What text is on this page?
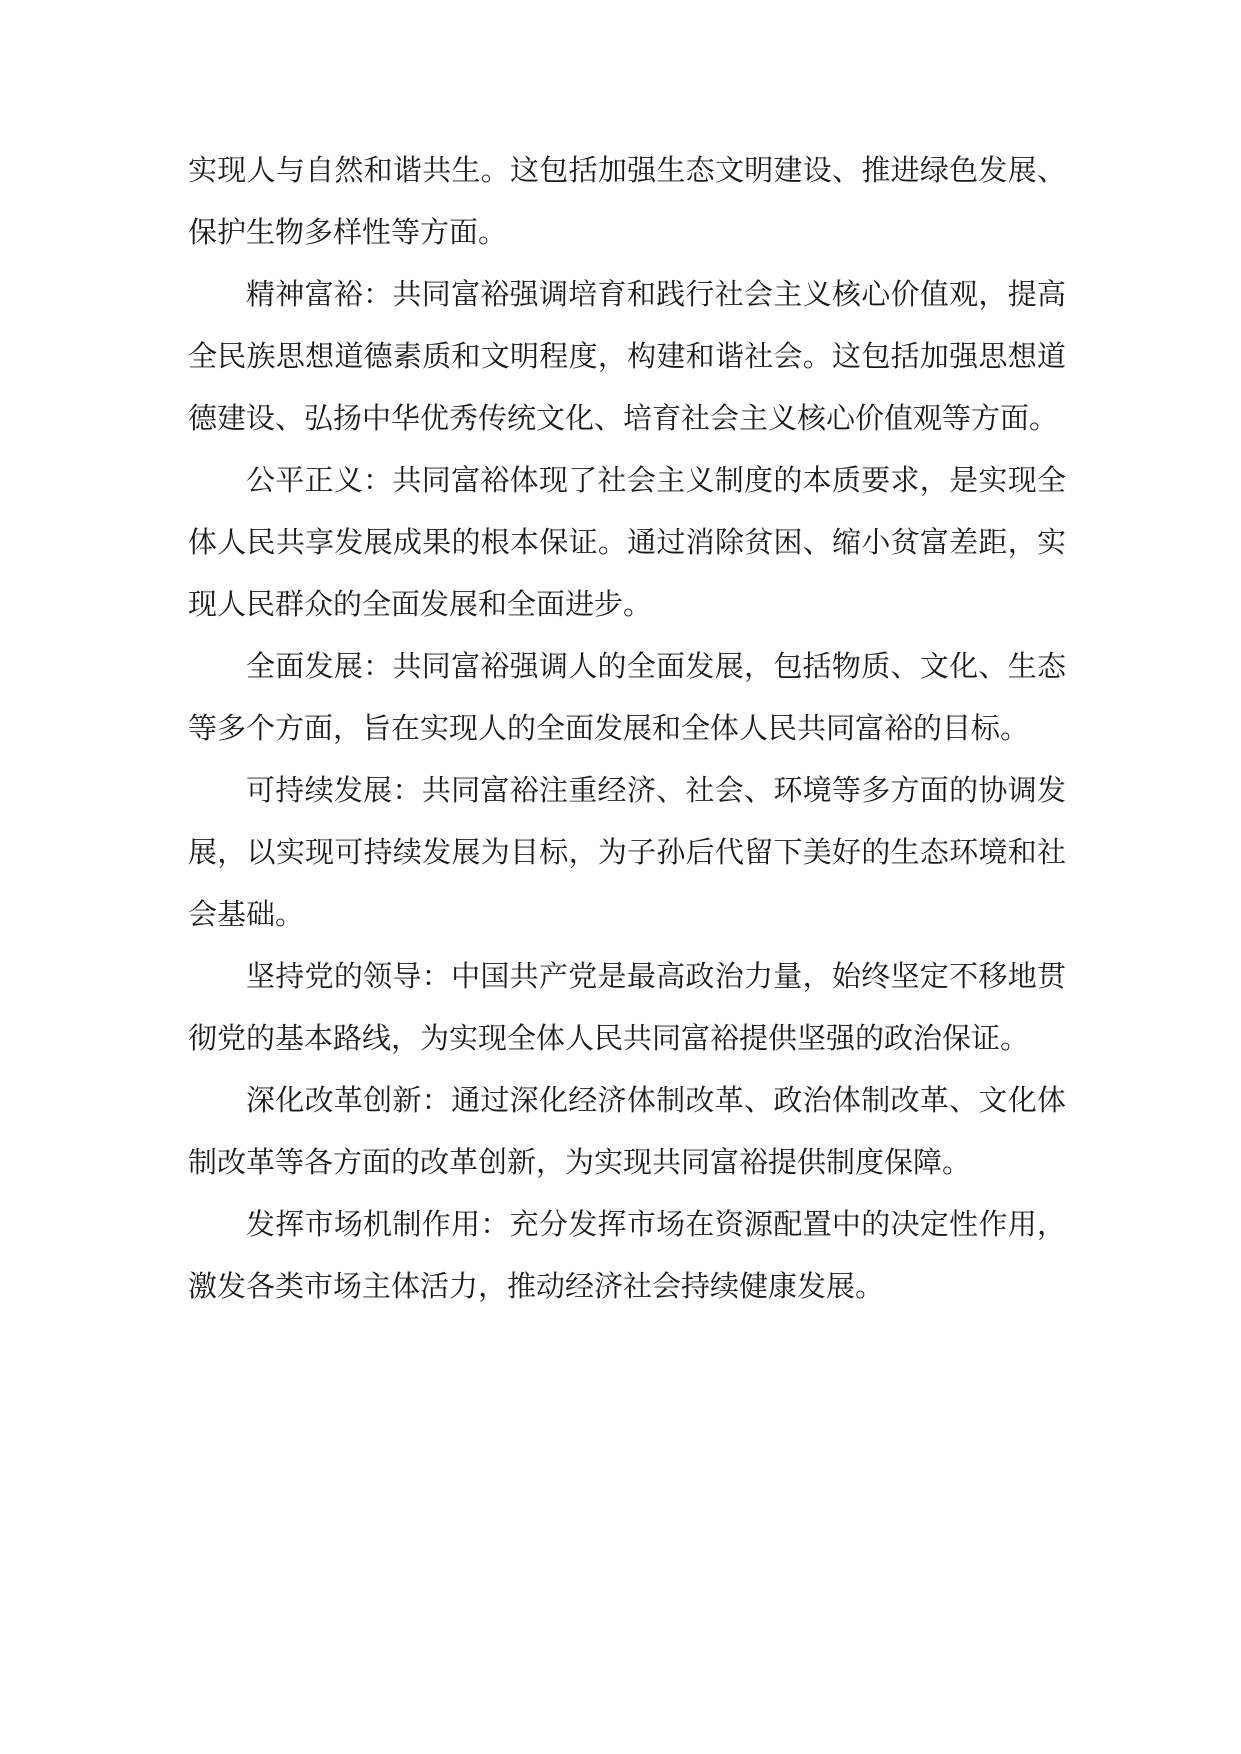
实现人与自然和谐共生。这包括加强生态文明建设、推进绿色发展、保护生物多样性等方面。

精神富裕：共同富裕强调培育和践行社会主义核心价值观，提高全民族思想道德素质和文明程度，构建和谐社会。这包括加强思想道德建设、弘扬中华优秀传统文化、培育社会主义核心价值观等方面。

公平正义：共同富裕体现了社会主义制度的本质要求，是实现全体人民共享发展成果的根本保证。通过消除贫困、缩小贫富差距，实现人民群众的全面发展和全面进步。

全面发展：共同富裕强调人的全面发展，包括物质、文化、生态等多个方面，旨在实现人的全面发展和全体人民共同富裕的目标。

可持续发展：共同富裕注重经济、社会、环境等多方面的协调发展，以实现可持续发展为目标，为子孙后代留下美好的生态环境和社会基础。

坚持党的领导：中国共产党是最高政治力量，始终坚定不移地贯彻党的基本路线，为实现全体人民共同富裕提供坚强的政治保证。

深化改革创新：通过深化经济体制改革、政治体制改革、文化体制改革等各方面的改革创新，为实现共同富裕提供制度保障。

发挥市场机制作用：充分发挥市场在资源配置中的决定性作用，激发各类市场主体活力，推动经济社会持续健康发展。
